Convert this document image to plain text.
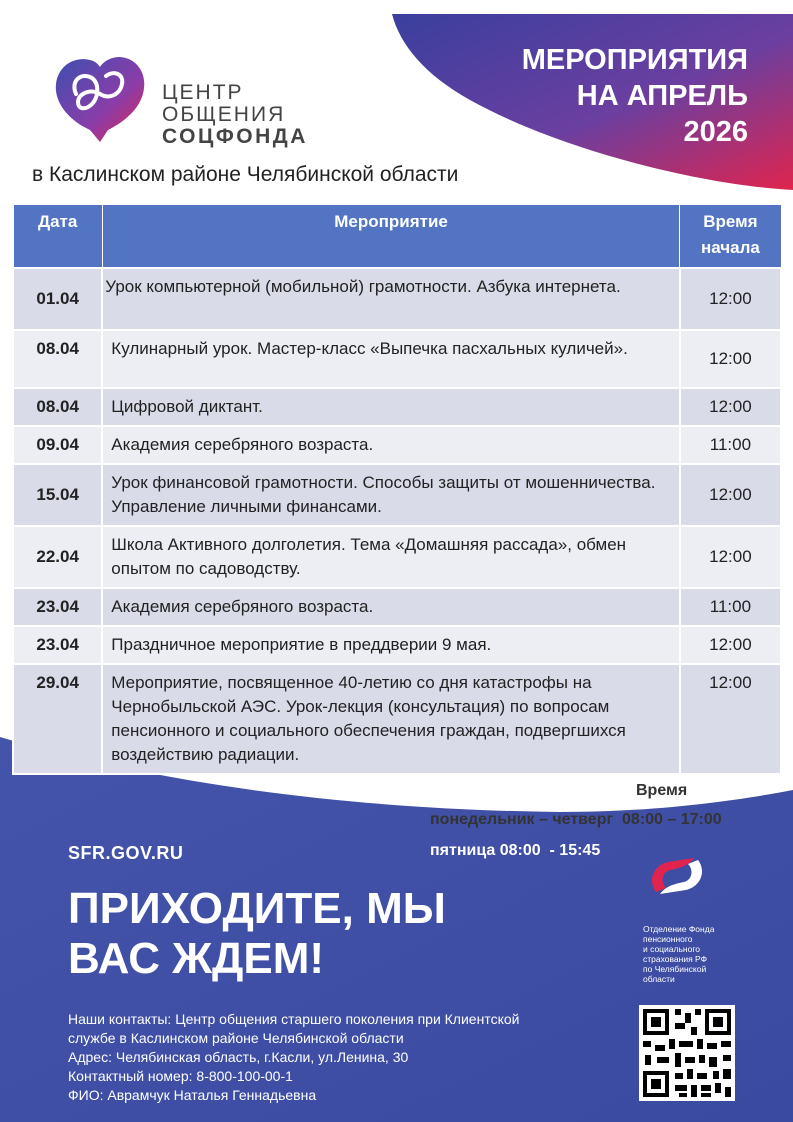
ЦЕНТР
ОБЩЕНИЯ
СОЦФОНДА
в Каслинском районе Челябинской области
МЕРОПРИЯТИЯ
НА АПРЕЛЬ
2026
Дата	Мероприятие	Время
начала

01.04	Урок компьютерной (мобильной) грамотности. Азбука интернета.	12:00
08.04	Кулинарный урок. Мастер-класс «Выпечка пасхальных куличей».	12:00
08.04	Цифровой диктант.	12:00
09.04	Академия серебряного возраста.	11:00
15.04	Урок финансовой грамотности. Способы защиты от мошенничества. Управление личными финансами.	12:00
22.04	Школа Активного долголетия. Тема «Домашняя рассада», обмен опытом по садоводству.	12:00
23.04	Академия серебряного возраста.	11:00
23.04	Праздничное мероприятие в преддверии 9 мая.	12:00
29.04	Мероприятие, посвященное 40-летию со дня катастрофы на Чернобыльской АЭС. Урок-лекция (консультация) по вопросам пенсионного и социального обеспечения граждан, подвергшихся воздействию радиации.	12:00
Время
понедельник – четверг  08:00 – 17:00
пятница 08:00  - 15:45
SFR.GOV.RU
ПРИХОДИТЕ, МЫ
ВАС ЖДЕМ!
Отделение Фонда
пенсионного
и социального
страхования РФ
по Челябинской
области
Наши контакты: Центр общения старшего поколения при Клиентской
службе в Каслинском районе Челябинской области
Адрес: Челябинская область, г.Касли, ул.Ленина, 30
Контактный номер: 8-800-100-00-1
ФИО: Аврамчук Наталья Геннадьевна
